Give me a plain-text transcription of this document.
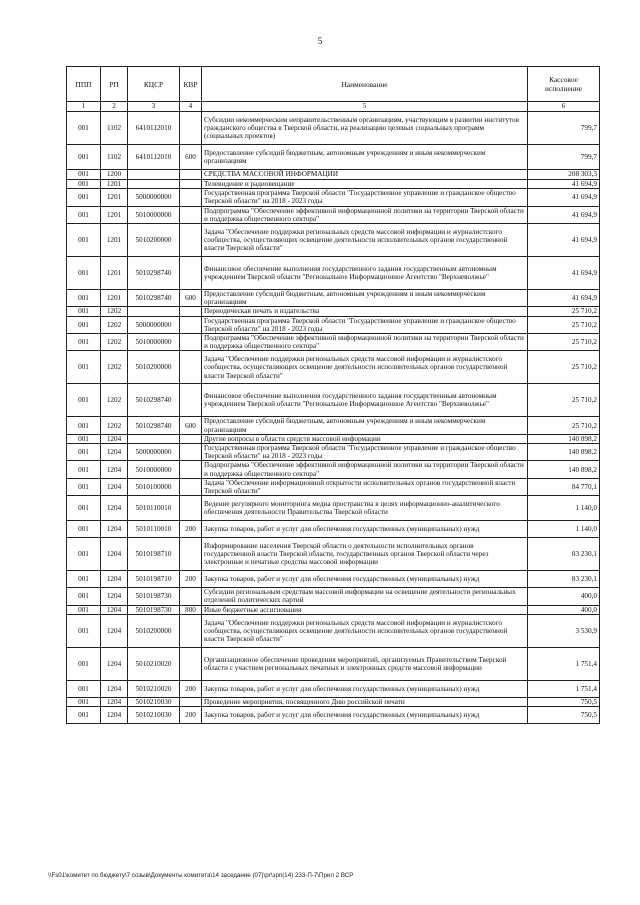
5
ППП	РП	КЦСР	КВР	Наименование	Кассовое исполнение
1	2	3	4	5	6
001	1102	6410112010		Субсидии некоммерческим неправительственным организациям, участвующим в развитии институтов гражданского общества в Тверской области, на реализацию целевых социальных программ (социальных проектов)	799,7
001	1102	6410112010	600	Предоставление субсидий бюджетным, автономным учреждениям и иным некоммерческим организациям	799,7
001	1200			СРЕДСТВА МАССОВОЙ ИНФОРМАЦИИ	208 303,3
001	1201			Телевидение и радиовещание	41 694,9
001	1201	5000000000		Государственная программа Тверской области "Государственное управление и гражданское общество Тверской области" на 2018 - 2023 годы	41 694,9
001	1201	5010000000		Подпрограмма "Обеспечение эффективной информационной политики на территории Тверской области и поддержка общественного сектора"	41 694,9
001	1201	5010200000		Задача "Обеспечение поддержки региональных средств массовой информации и журналистского сообщества, осуществляющих освещение деятельности исполнительных органов государственной власти Тверской области"	41 694,9
001	1201	5010298740		Финансовое обеспечение выполнения государственного задания государственным автономным учреждением Тверской области "Региональное Информационное Агентство "Верхневолжье"	41 694,9
001	1201	5010298740	600	Предоставление субсидий бюджетным, автономным учреждениям и иным некоммерческим организациям	41 694,9
001	1202			Периодическая печать и издательства	25 710,2
001	1202	5000000000		Государственная программа Тверской области "Государственное управление и гражданское общество Тверской области" на 2018 - 2023 годы	25 710,2
001	1202	5010000000		Подпрограмма "Обеспечение эффективной информационной политики на территории Тверской области и поддержка общественного сектора"	25 710,2
001	1202	5010200000		Задача "Обеспечение поддержки региональных средств массовой информации и журналистского сообщества, осуществляющих освещение деятельности исполнительных органов государственной власти Тверской области"	25 710,2
001	1202	5010298740		Финансовое обеспечение выполнения государственного задания государственным автономным учреждением Тверской области "Региональное Информационное Агентство "Верхневолжье"	25 710,2
001	1202	5010298740	600	Предоставление субсидий бюджетным, автономным учреждениям и иным некоммерческим организациям	25 710,2
001	1204			Другие вопросы в области средств массовой информации	140 898,2
001	1204	5000000000		Государственная программа Тверской области "Государственное управление и гражданское общество Тверской области" на 2018 - 2023 годы	140 898,2
001	1204	5010000000		Подпрограмма "Обеспечение эффективной информационной политики на территории Тверской области и поддержка общественного сектора"	140 898,2
001	1204	5010100000		Задача "Обеспечение информационной открытости исполнительных органов государственной власти Тверской области"	84 770,1
001	1204	5010110010		Ведение регулярного мониторинга медиа пространства в целях информационно-аналитического обеспечения деятельности Правительства Тверской области	1 140,0
001	1204	5010110010	200	Закупка товаров, работ и услуг для обеспечения государственных (муниципальных) нужд	1 140,0
001	1204	5010198710		Информирование населения Тверской области о деятельности исполнительных органов государственной власти Тверской области, государственных органов Тверской области через электронные и печатные средства массовой информации	83 230,1
001	1204	5010198710	200	Закупка товаров, работ и услуг для обеспечения государственных (муниципальных) нужд	83 230,1
001	1204	5010198730		Субсидии региональным средствам массовой информации на освещение деятельности региональных отделений политических партий	400,0
001	1204	5010198730	800	Иные бюджетные ассигнования	400,0
001	1204	5010200000		Задача "Обеспечение поддержки региональных средств массовой информации и журналистского сообщества, осуществляющих освещение деятельности исполнительных органов государственной власти Тверской области"	3 530,9
001	1204	5010210020		Организационное обеспечение проведения мероприятий, организуемых Правительством Тверской области с участием региональных печатных и электронных средств массовой информации	1 751,4
001	1204	5010210020	200	Закупка товаров, работ и услуг для обеспечения государственных (муниципальных) нужд	1 751,4
001	1204	5010210030		Проведение мероприятия, посвященного Дню российской печати	750,5
001	1204	5010210030	200	Закупка товаров, работ и услуг для обеспечения государственных (муниципальных) нужд	750,5
\\Fs01\комитет по бюджету\7 созыв\Документы комитета\14 заседание (07)\рг\зрп(14) 233-П-7\Прил 2 ВСР
